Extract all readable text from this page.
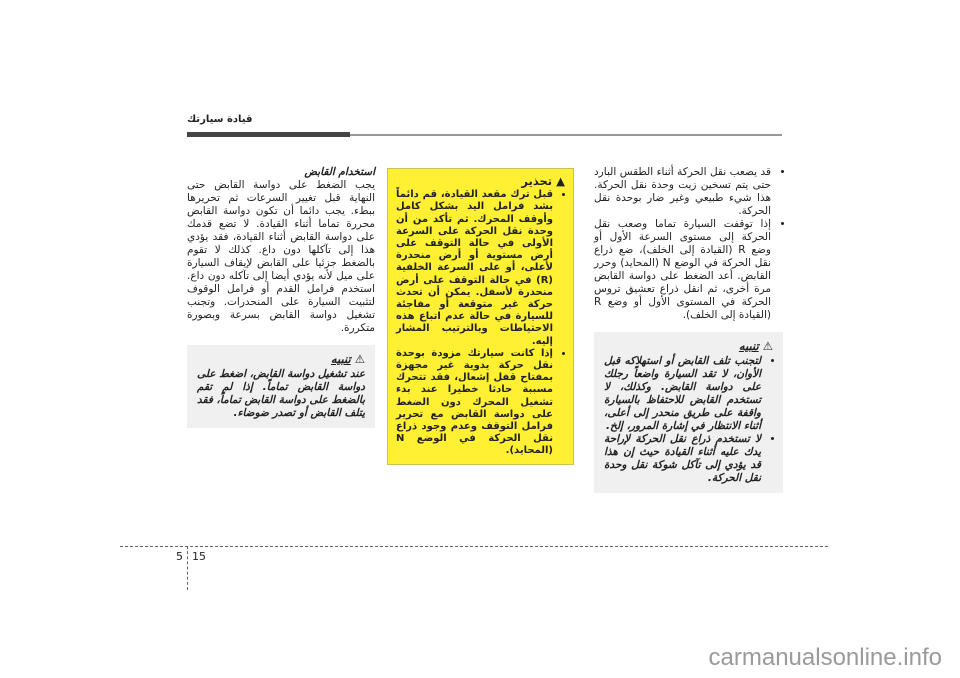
قيادة سيارتك
• قد يصعب نقل الحركة أثناء الطقس البارد حتى يتم تسخين زيت وحدة نقل الحركة. هذا شيء طبيعي وغير ضار بوحدة نقل الحركة.
• إذا توقفت السيارة تماما وصعب نقل الحركة إلى مستوى السرعة الأول أو وضع R (القيادة إلى الخلف)، ضع ذراع نقل الحركة في الوضع N (المحايد) وحرر القابض. أعد الضغط على دواسة القابض مرة أخرى، ثم انقل ذراع تعشيق تروس الحركة في المستوى الأول أو وضع R (القيادة إلى الخلف).
⚠تنبيه
• لتجنب تلف القابض أو استهلاكه قبل الأوان، لا تقد السيارة واضعاً رجلك على دواسة القابض. وكذلك، لا تستخدم القابض للاحتفاظ بالسيارة واقفة على طريق منحدر إلى أعلى، أثناء الانتظار في إشارة المرور، إلخ.
• لا تستخدم ذراع نقل الحركة لإراحة يدك عليه أثناء القيادة حيث إن هذا قد يؤدي إلى تآكل شوكة نقل وحدة نقل الحركة.
▲تحذير
• قبل ترك مقعد القيادة، قم دائماً بشد فرامل اليد بشكل كامل وأوقف المحرك. ثم تأكد من أن وحدة نقل الحركة على السرعة الأولى في حالة التوقف على أرض مستوية أو أرض منحدرة لأعلى، أو على السرعة الخلفية (R) في حالة التوقف على أرض منحدرة لأسفل. يمكن أن تحدث حركة غير متوقعة أو مفاجئة للسيارة في حالة عدم اتباع هذه الاحتياطات وبالترتيب المشار إليه.
• إذا كانت سيارتك مزودة بوحدة نقل حركة يدوية غير مجهزة بمفتاح قفل إشعال، فقد تتحرك مسببة حادثا خطيرا عند بدء تشغيل المحرك دون الضغط على دواسة القابض مع تحرير فرامل التوقف وعدم وجود ذراع نقل الحركة في الوضع N (المحايد).

استخدام القابض

يجب الضغط على دواسة القابض حتى النهاية قبل تغيير السرعات ثم تحريرها ببطء. يجب دائما أن تكون دواسة القابض محررة تماما أثناء القيادة. لا تضع قدمك على دواسة القابض أثناء القيادة، فقد يؤدي هذا إلى تآكلها دون داع. كذلك لا تقوم بالضغط جزئيا على القابض لإيقاف السيارة على ميل لأنه يؤدي أيضا إلى تآكله دون داع. استخدم فرامل القدم أو فرامل الوقوف لتثبيت السيارة على المنحدرات. وتجنب تشغيل دواسة القابض بسرعة وبصورة متكررة.

⚠تنبيه

عند تشغيل دواسة القابض، اضغط على دواسة القابض تماماً. إذا لم تقم بالضغط على دواسة القابض تماماً، فقد يتلف القابض أو تصدر ضوضاء.

5 15
carmanualsonline.info
